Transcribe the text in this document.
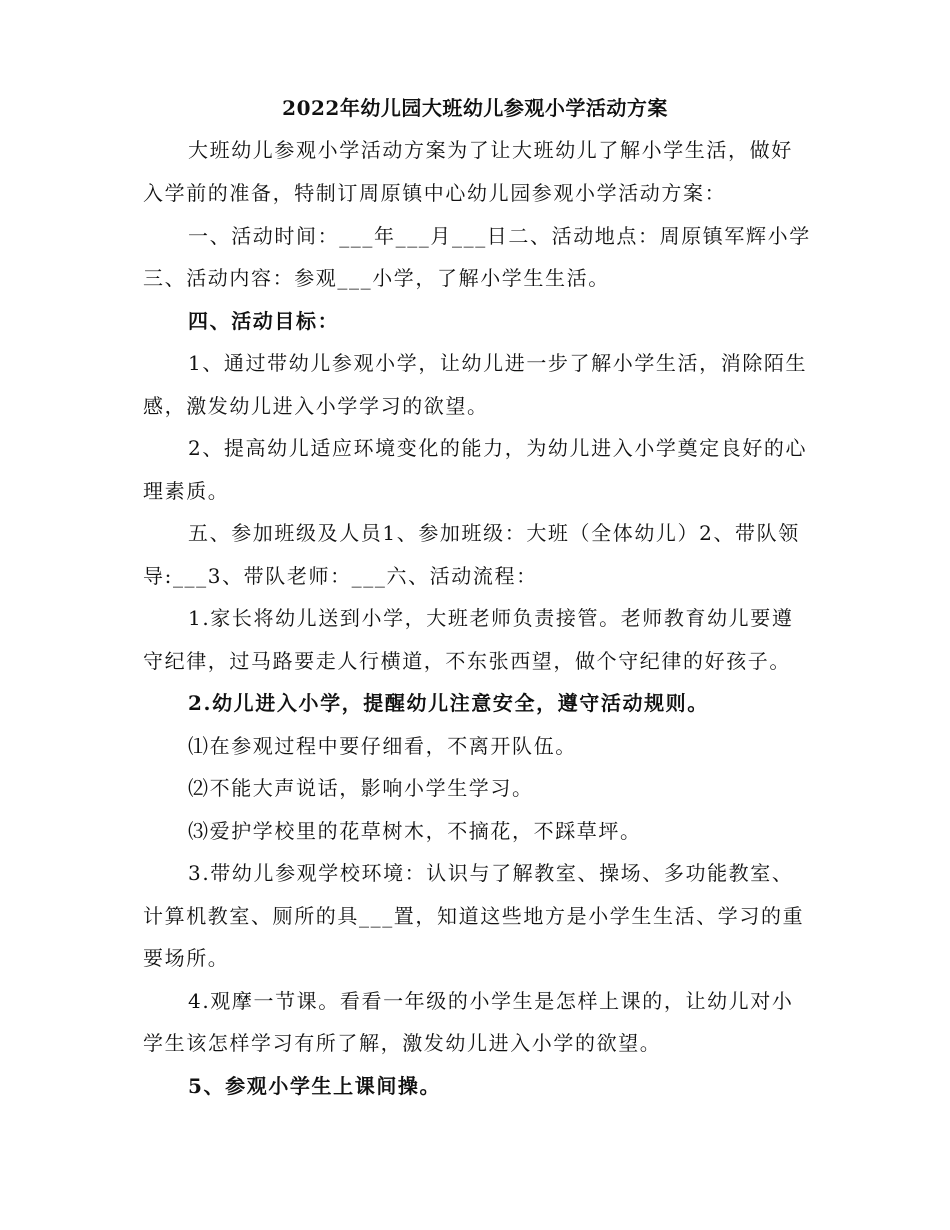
2022年幼儿园大班幼儿参观小学活动方案
大班幼儿参观小学活动方案为了让大班幼儿了解小学生活，做好
入学前的准备，特制订周原镇中心幼儿园参观小学活动方案：
一、活动时间：___年___月___日二、活动地点：周原镇军辉小学
三、活动内容：参观___小学，了解小学生生活。
四、活动目标：
1、通过带幼儿参观小学，让幼儿进一步了解小学生活，消除陌生
感，激发幼儿进入小学学习的欲望。
2、提高幼儿适应环境变化的能力，为幼儿进入小学奠定良好的心
理素质。
五、参加班级及人员1、参加班级：大班（全体幼儿）2、带队领
导:___3、带队老师：___六、活动流程：
1.家长将幼儿送到小学，大班老师负责接管。老师教育幼儿要遵
守纪律，过马路要走人行横道，不东张西望，做个守纪律的好孩子。
2.幼儿进入小学，提醒幼儿注意安全，遵守活动规则。
⑴在参观过程中要仔细看，不离开队伍。
⑵不能大声说话，影响小学生学习。
⑶爱护学校里的花草树木，不摘花，不踩草坪。
3.带幼儿参观学校环境：认识与了解教室、操场、多功能教室、
计算机教室、厕所的具___置，知道这些地方是小学生生活、学习的重
要场所。
4.观摩一节课。看看一年级的小学生是怎样上课的，让幼儿对小
学生该怎样学习有所了解，激发幼儿进入小学的欲望。
5、参观小学生上课间操。
